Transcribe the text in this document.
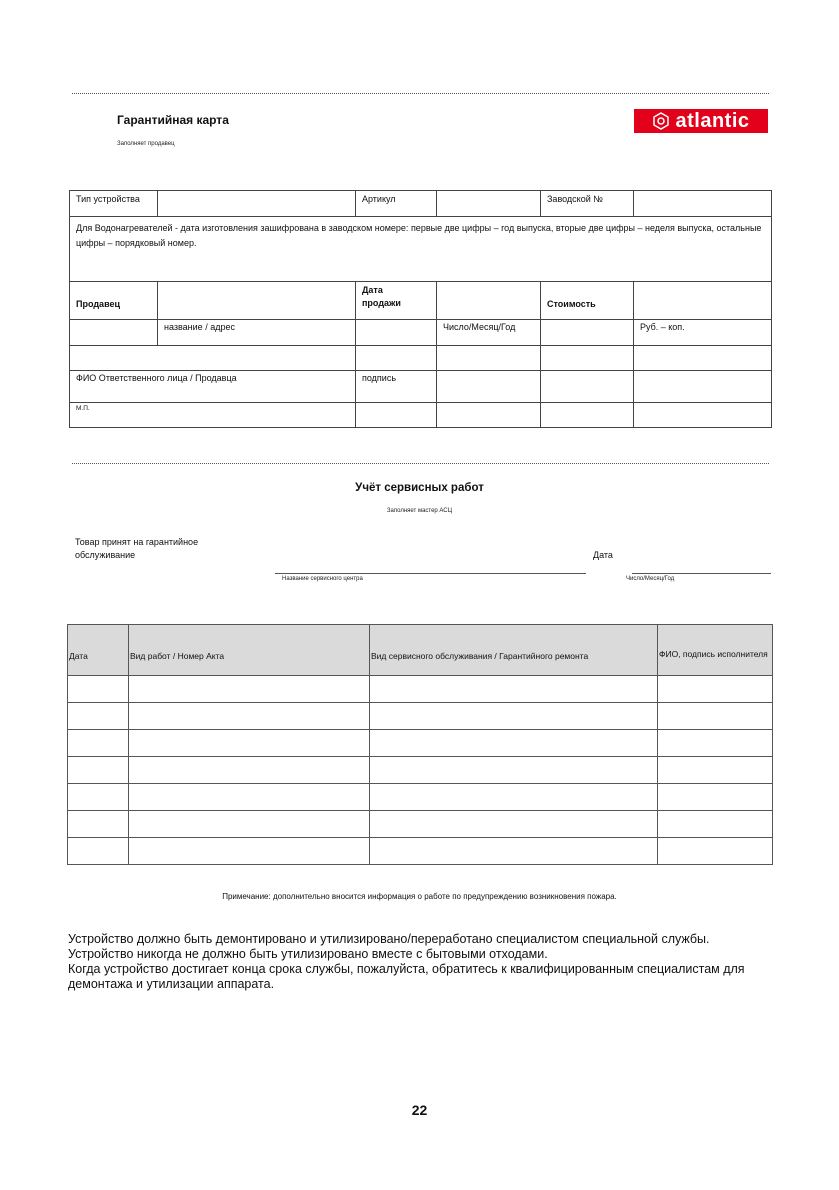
Гарантийная карта
Заполняет продавец
atlantic
Тип устройства		Артикул		Заводской №	
Для Водонагревателей - дата изготовления зашифрована в заводском номере: первые две цифры – год выпуска, вторые две цифры – неделя выпуска, остальные цифры – порядковый номер.					
Продавец		Дата продажи		Стоимость	
	название / адрес		Число/Месяц/Год		Руб. – коп.

ФИО Ответственного лица / Продавца		подпись			
М.П.					
Учёт сервисных работ
Заполняет мастер АСЦ
Товар принят на гарантийное обслуживание
Название сервисного центра
Дата
Число/Месяц/Год
Дата	Вид работ / Номер Акта	Вид сервисного обслуживания / Гарантийного ремонта	ФИО, подпись исполнителя

Примечание: дополнительно вносится информация о работе по предупреждению возникновения пожара.
Устройство должно быть демонтировано и утилизировано/переработано специалистом специальной службы.
Устройство никогда не должно быть утилизировано вместе с бытовыми отходами.
Когда устройство достигает конца срока службы, пожалуйста, обратитесь к квалифицированным специалистам для демонтажа и утилизации аппарата.
22
